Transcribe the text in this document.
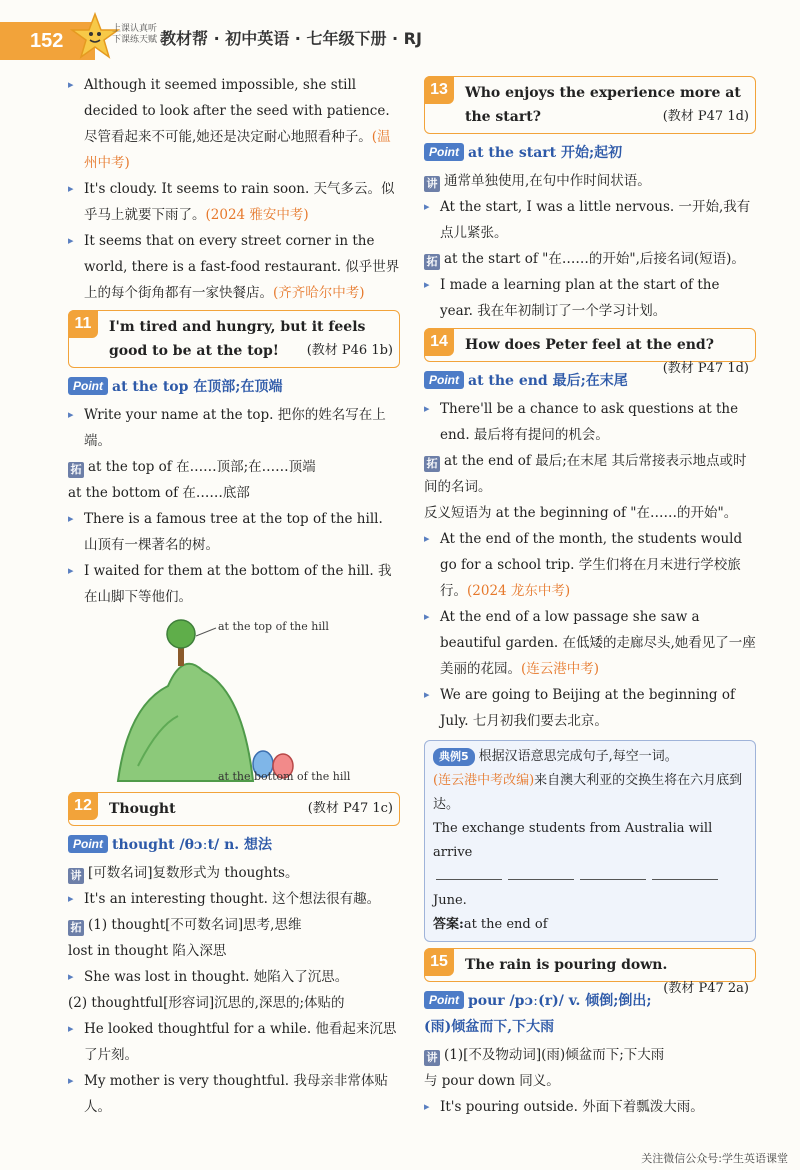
152
上课认真听
下课练天赋 教材帮 · 初中英语 · 七年级下册 · RJ
▸ Although it seemed impossible, she still decided to look after the seed with patience. 尽管看起来不可能,她还是决定耐心地照看种子。(温州中考)
▸ It's cloudy. It seems to rain soon. 天气多云。似乎马上就要下雨了。(2024 雅安中考)
▸ It seems that on every street corner in the world, there is a fast-food restaurant. 似乎世界上的每个街角都有一家快餐店。(齐齐哈尔中考)
11	I'm tired and hungry, but it feels good to be at the top! (教材 P46 1b)
Point at the top 在顶部;在顶端
▸ Write your name at the top. 把你的姓名写在上端。
拓 at the top of 在……顶部;在……顶端
at the bottom of 在……底部
▸ There is a famous tree at the top of the hill. 山顶有一棵著名的树。
▸ I waited for them at the bottom of the hill. 我在山脚下等他们。
at the top of the hill
at the bottom of the hill
12	Thought	(教材 P47 1c)
Point thought /θɔːt/ n. 想法
讲 [可数名词]复数形式为 thoughts。
▸ It's an interesting thought. 这个想法很有趣。
拓 (1) thought[不可数名词]思考,思维
lost in thought 陷入深思
▸ She was lost in thought. 她陷入了沉思。
(2) thoughtful[形容词]沉思的,深思的;体贴的
▸ He looked thoughtful for a while. 他看起来沉思了片刻。
▸ My mother is very thoughtful. 我母亲非常体贴人。
13	Who enjoys the experience more at the start?	(教材 P47 1d)
Point at the start 开始;起初
讲 通常单独使用,在句中作时间状语。
▸ At the start, I was a little nervous. 一开始,我有点儿紧张。
拓 at the start of "在……的开始",后接名词(短语)。
▸ I made a learning plan at the start of the year. 我在年初制订了一个学习计划。
14	How does Peter feel at the end?
(教材 P47 1d)
Point at the end 最后;在末尾
▸ There'll be a chance to ask questions at the end. 最后将有提问的机会。
拓 at the end of 最后;在末尾 其后常接表示地点或时间的名词。
反义短语为 at the beginning of "在……的开始"。
▸ At the end of the month, the students would go for a school trip. 学生们将在月末进行学校旅行。(2024 龙东中考)
▸ At the end of a low passage she saw a beautiful garden. 在低矮的走廊尽头,她看见了一座美丽的花园。(连云港中考)
▸ We are going to Beijing at the beginning of July. 七月初我们要去北京。
典例5 根据汉语意思完成句子,每空一词。
(连云港中考改编)来自澳大利亚的交换生将在六月底到达。
The exchange students from Australia will arrive
June.
答案:at the end of
15	The rain is pouring down.
(教材 P47 2a)
Point pour /pɔː(r)/ v. 倾倒;倒出;(雨)倾盆而下,下大雨
讲 (1)[不及物动词](雨)倾盆而下;下大雨
与 pour down 同义。
▸ It's pouring outside. 外面下着瓢泼大雨。
关注微信公众号:学生英语课堂
